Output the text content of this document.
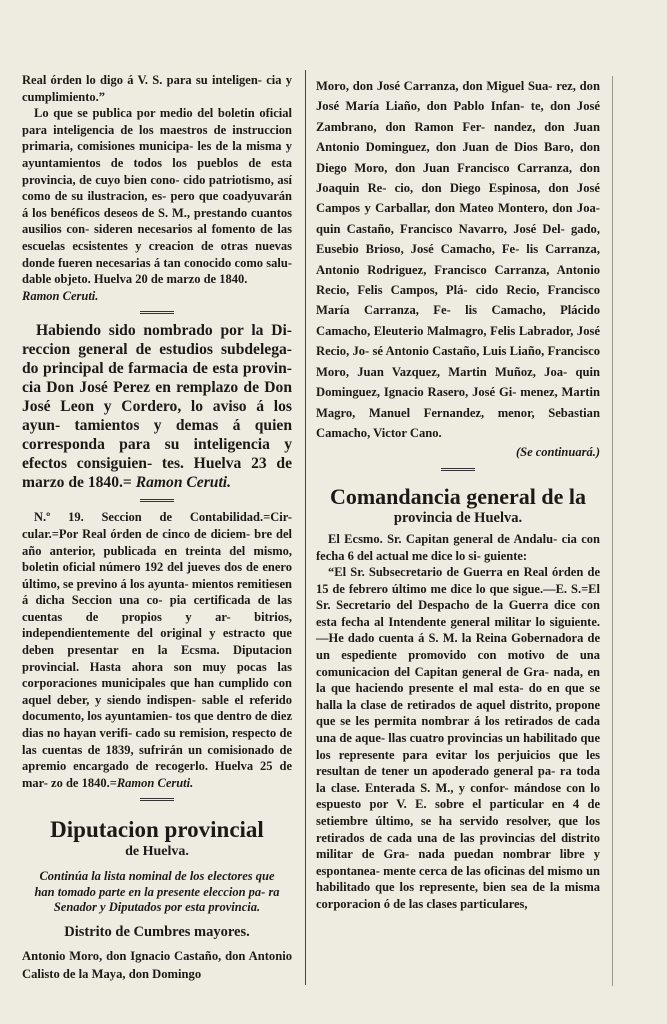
Real órden lo digo á V. S. para su inteligen- cia y cumplimiento.”

Lo que se publica por medio del boletin oficial para inteligencia de los maestros de instruccion primaria, comisiones municipa- les de la misma y ayuntamientos de todos los pueblos de esta provincia, de cuyo bien cono- cido patriotismo, así como de su ilustracion, es- pero que coadyuvarán á los benéficos deseos de S. M., prestando cuantos ausilios con- sideren necesarios al fomento de las escuelas ecsistentes y creacion de otras nuevas donde fueren necesarias á tan conocido como salu- dable objeto. Huelva 20 de marzo de 1840.

Ramon Ceruti.

Habiendo sido nombrado por la Di- reccion general de estudios subdelega- do principal de farmacia de esta provin- cia Don José Perez en remplazo de Don José Leon y Cordero, lo aviso á los ayun- tamientos y demas á quien corresponda para su inteligencia y efectos consiguien- tes. Huelva 23 de marzo de 1840.= Ramon Ceruti.

N.º 19. Seccion de Contabilidad.=Cir- cular.=Por Real órden de cinco de diciem- bre del año anterior, publicada en treinta del mismo, boletin oficial número 192 del jueves dos de enero último, se previno á los ayunta- mientos remitiesen á dicha Seccion una co- pia certificada de las cuentas de propios y ar- bitrios, independientemente del original y estracto que deben presentar en la Ecsma. Diputacion provincial. Hasta ahora son muy pocas las corporaciones municipales que han cumplido con aquel deber, y siendo indispen- sable el referido documento, los ayuntamien- tos que dentro de diez dias no hayan verifi- cado su remision, respecto de las cuentas de 1839, sufrirán un comisionado de apremio encargado de recogerlo. Huelva 25 de mar- zo de 1840.=Ramon Ceruti.

Diputacion provincial
de Huelva.

Continúa la lista nominal de los electores que han tomado parte en la presente eleccion pa- ra Senador y Diputados por esta provincia.

Distrito de Cumbres mayores.

Antonio Moro, don Ignacio Castaño, don Antonio Calisto de la Maya, don Domingo

Moro, don José Carranza, don Miguel Sua- rez, don José María Liaño, don Pablo Infan- te, don José Zambrano, don Ramon Fer- nandez, don Juan Antonio Dominguez, don Juan de Dios Baro, don Diego Moro, don Juan Francisco Carranza, don Joaquin Re- cio, don Diego Espinosa, don José Campos y Carballar, don Mateo Montero, don Joa- quin Castaño, Francisco Navarro, José Del- gado, Eusebio Brioso, José Camacho, Fe- lis Carranza, Antonio Rodriguez, Francisco Carranza, Antonio Recio, Felis Campos, Plá- cido Recio, Francisco María Carranza, Fe- lis Camacho, Plácido Camacho, Eleuterio Malmagro, Felis Labrador, José Recio, Jo- sé Antonio Castaño, Luis Liaño, Francisco Moro, Juan Vazquez, Martin Muñoz, Joa- quin Dominguez, Ignacio Rasero, José Gi- menez, Martin Magro, Manuel Fernandez, menor, Sebastian Camacho, Victor Cano.

(Se continuará.)

Comandancia general de la
provincia de Huelva.

El Ecsmo. Sr. Capitan general de Andalu- cia con fecha 6 del actual me dice lo si- guiente:

“El Sr. Subsecretario de Guerra en Real órden de 15 de febrero último me dice lo que sigue.—E. S.=El Sr. Secretario del Despacho de la Guerra dice con esta fecha al Intendente general militar lo siguiente.—He dado cuenta á S. M. la Reina Gobernadora de un espediente promovido con motivo de una comunicacion del Capitan general de Gra- nada, en la que haciendo presente el mal esta- do en que se halla la clase de retirados de aquel distrito, propone que se les permita nombrar á los retirados de cada una de aque- llas cuatro provincias un habilitado que los represente para evitar los perjuicios que les resultan de tener un apoderado general pa- ra toda la clase. Enterada S. M., y confor- mándose con lo espuesto por V. E. sobre el particular en 4 de setiembre último, se ha servido resolver, que los retirados de cada una de las provincias del distrito militar de Gra- nada puedan nombrar libre y espontanea- mente cerca de las oficinas del mismo un habilitado que los represente, bien sea de la misma corporacion ó de las clases particulares,
